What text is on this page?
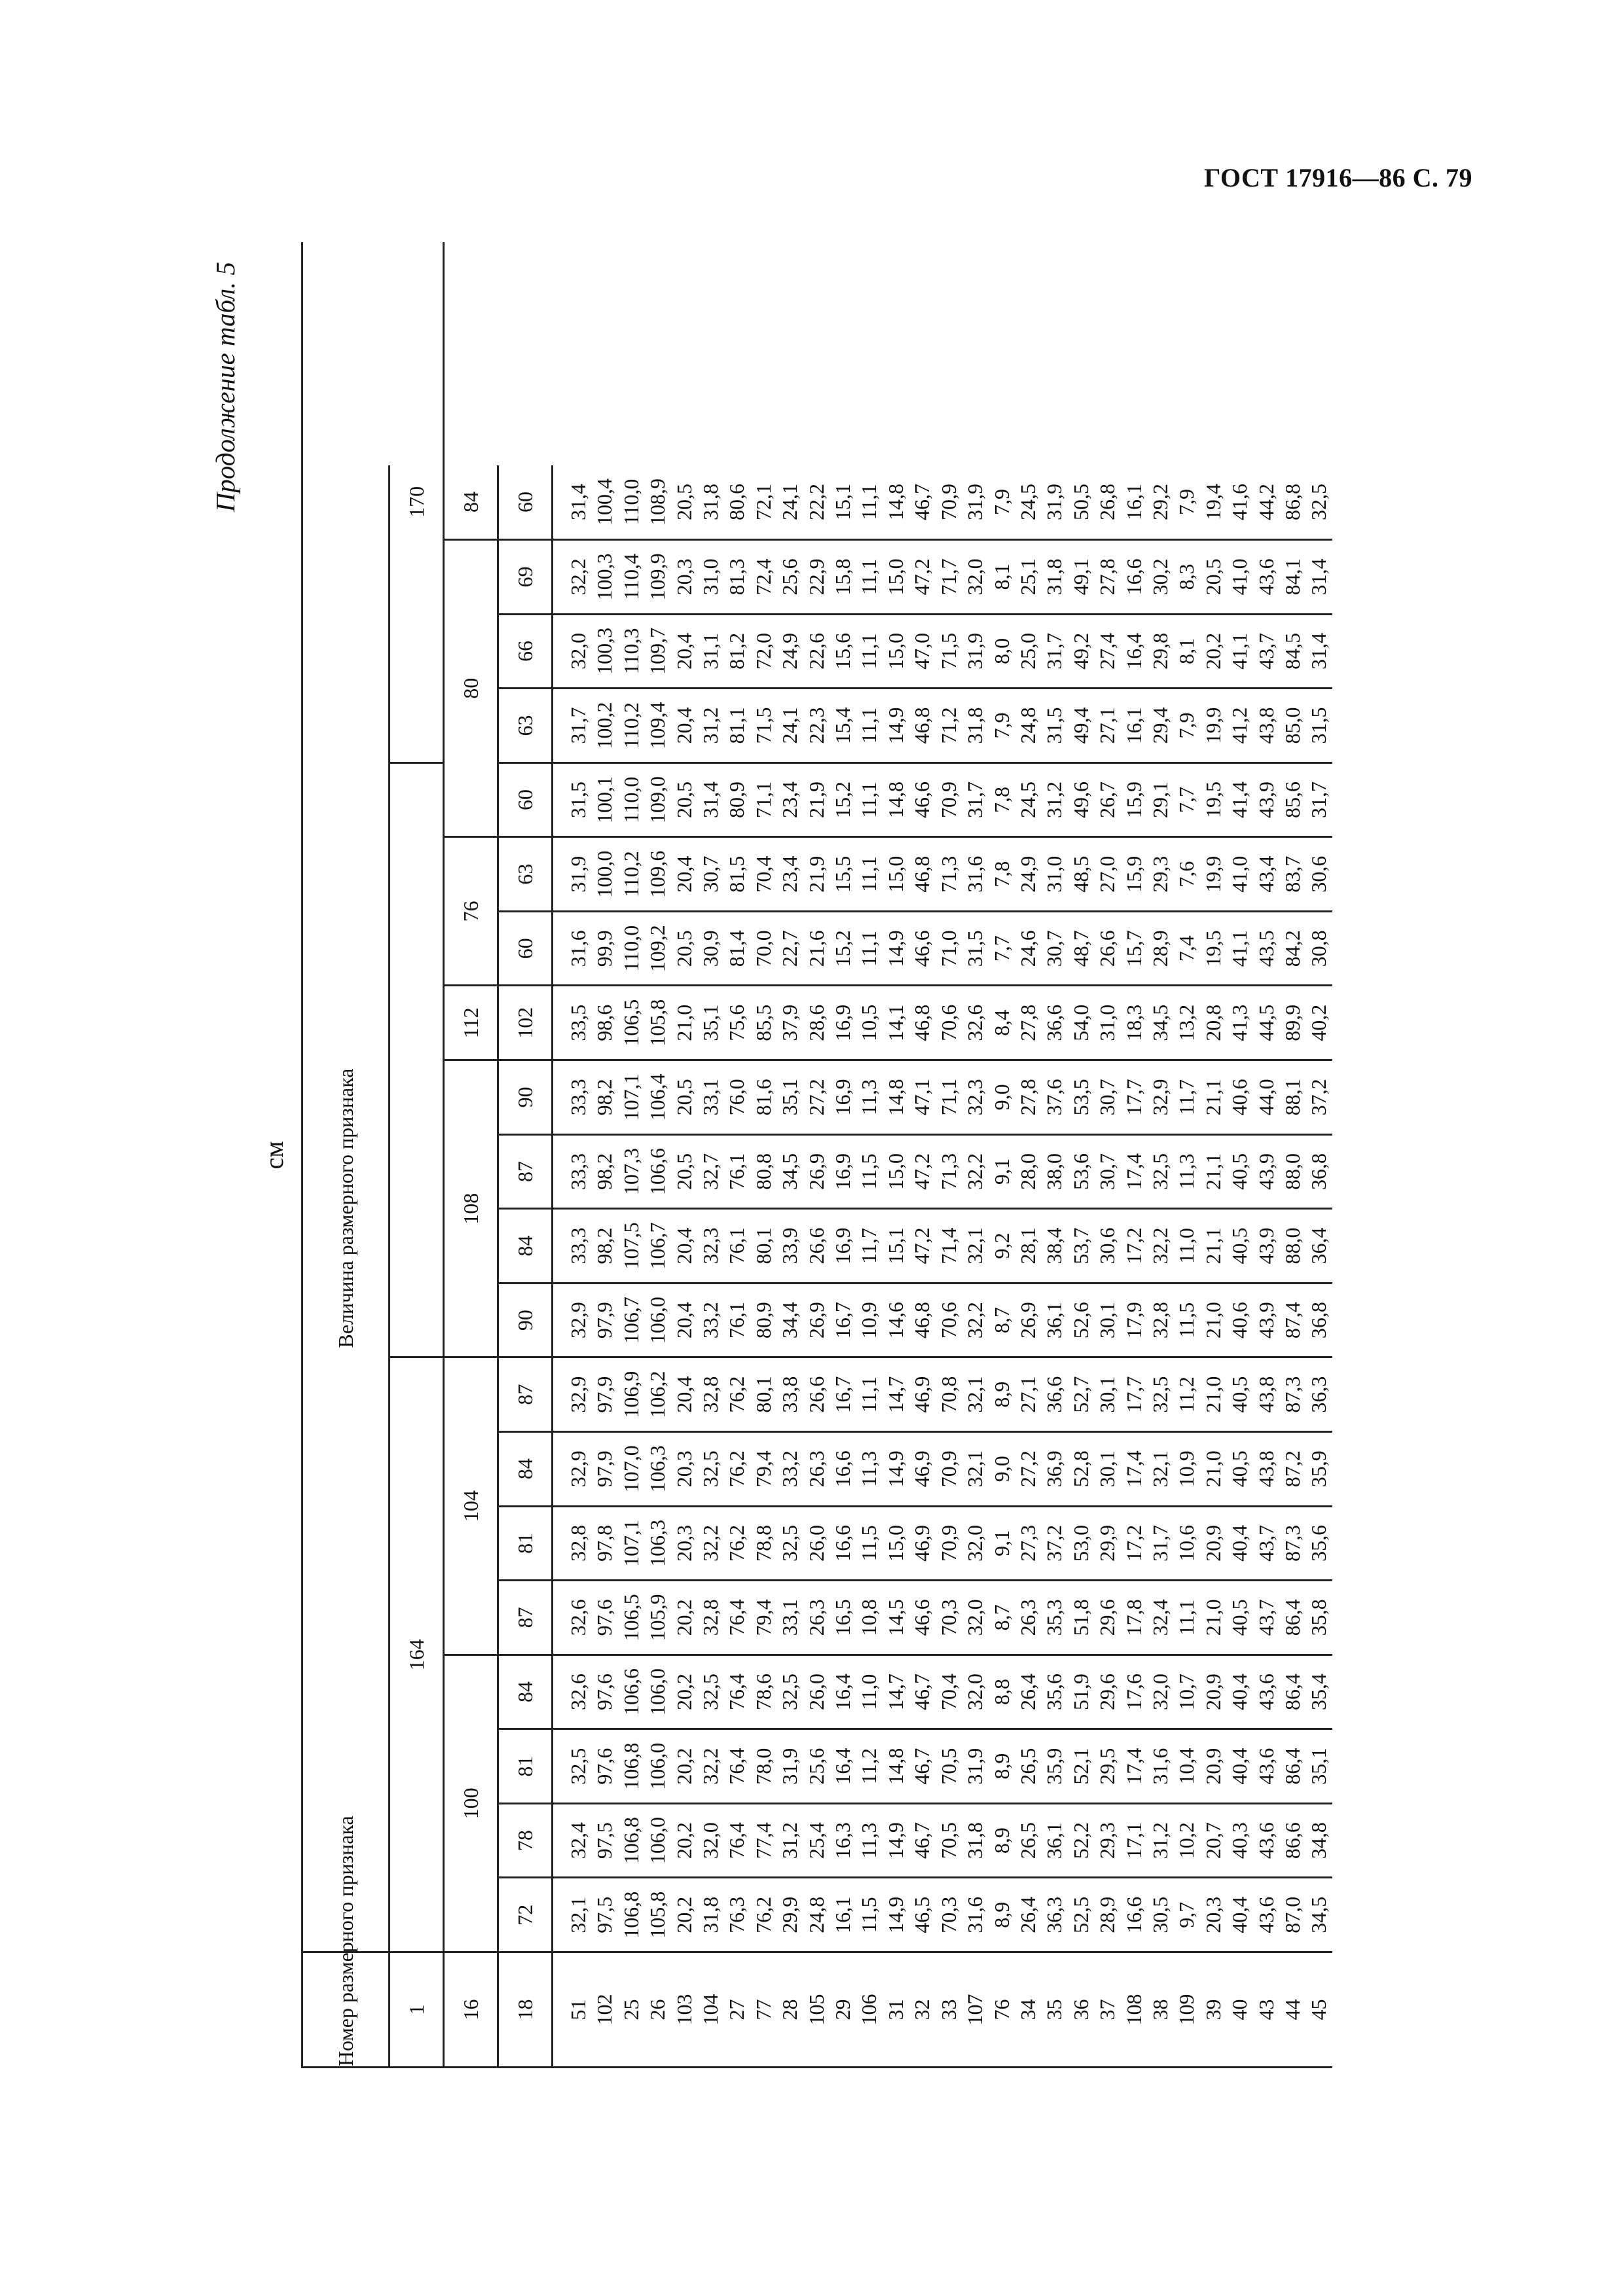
ГОСТ 17916—86 С. 79
Продолжение табл. 5
см
Номер размерного признака	Величина размерного признака																			
1	164																170			
16	100				104				108				112	76		80				84
18	72	78	81	84	87	81	84	87	90	84	87	90	102	60	63	60	63	66	69	60
51	32,1	32,4	32,5	32,6	32,6	32,8	32,9	32,9	32,9	33,3	33,3	33,3	33,5	31,6	31,9	31,5	31,7	32,0	32,2	31,4
102	97,5	97,5	97,6	97,6	97,6	97,8	97,9	97,9	97,9	98,2	98,2	98,2	98,6	99,9	100,0	100,1	100,2	100,3	100,3	100,4
25	106,8	106,8	106,8	106,6	106,5	107,1	107,0	106,9	106,7	107,5	107,3	107,1	106,5	110,0	110,2	110,0	110,2	110,3	110,4	110,0
26	105,8	106,0	106,0	106,0	105,9	106,3	106,3	106,2	106,0	106,7	106,6	106,4	105,8	109,2	109,6	109,0	109,4	109,7	109,9	108,9
103	20,2	20,2	20,2	20,2	20,2	20,3	20,3	20,4	20,4	20,4	20,5	20,5	21,0	20,5	20,4	20,5	20,4	20,4	20,3	20,5
104	31,8	32,0	32,2	32,5	32,8	32,2	32,5	32,8	33,2	32,3	32,7	33,1	35,1	30,9	30,7	31,4	31,2	31,1	31,0	31,8
27	76,3	76,4	76,4	76,4	76,4	76,2	76,2	76,2	76,1	76,1	76,1	76,0	75,6	81,4	81,5	80,9	81,1	81,2	81,3	80,6
77	76,2	77,4	78,0	78,6	79,4	78,8	79,4	80,1	80,9	80,1	80,8	81,6	85,5	70,0	70,4	71,1	71,5	72,0	72,4	72,1
28	29,9	31,2	31,9	32,5	33,1	32,5	33,2	33,8	34,4	33,9	34,5	35,1	37,9	22,7	23,4	23,4	24,1	24,9	25,6	24,1
105	24,8	25,4	25,6	26,0	26,3	26,0	26,3	26,6	26,9	26,6	26,9	27,2	28,6	21,6	21,9	21,9	22,3	22,6	22,9	22,2
29	16,1	16,3	16,4	16,4	16,5	16,6	16,6	16,7	16,7	16,9	16,9	16,9	16,9	15,2	15,5	15,2	15,4	15,6	15,8	15,1
106	11,5	11,3	11,2	11,0	10,8	11,5	11,3	11,1	10,9	11,7	11,5	11,3	10,5	11,1	11,1	11,1	11,1	11,1	11,1	11,1
31	14,9	14,9	14,8	14,7	14,5	15,0	14,9	14,7	14,6	15,1	15,0	14,8	14,1	14,9	15,0	14,8	14,9	15,0	15,0	14,8
32	46,5	46,7	46,7	46,7	46,6	46,9	46,9	46,9	46,8	47,2	47,2	47,1	46,8	46,6	46,8	46,6	46,8	47,0	47,2	46,7
33	70,3	70,5	70,5	70,4	70,3	70,9	70,9	70,8	70,6	71,4	71,3	71,1	70,6	71,0	71,3	70,9	71,2	71,5	71,7	70,9
107	31,6	31,8	31,9	32,0	32,0	32,0	32,1	32,1	32,2	32,1	32,2	32,3	32,6	31,5	31,6	31,7	31,8	31,9	32,0	31,9
76	8,9	8,9	8,9	8,8	8,7	9,1	9,0	8,9	8,7	9,2	9,1	9,0	8,4	7,7	7,8	7,8	7,9	8,0	8,1	7,9
34	26,4	26,5	26,5	26,4	26,3	27,3	27,2	27,1	26,9	28,1	28,0	27,8	27,8	24,6	24,9	24,5	24,8	25,0	25,1	24,5
35	36,3	36,1	35,9	35,6	35,3	37,2	36,9	36,6	36,1	38,4	38,0	37,6	36,6	30,7	31,0	31,2	31,5	31,7	31,8	31,9
36	52,5	52,2	52,1	51,9	51,8	53,0	52,8	52,7	52,6	53,7	53,6	53,5	54,0	48,7	48,5	49,6	49,4	49,2	49,1	50,5
37	28,9	29,3	29,5	29,6	29,6	29,9	30,1	30,1	30,1	30,6	30,7	30,7	31,0	26,6	27,0	26,7	27,1	27,4	27,8	26,8
108	16,6	17,1	17,4	17,6	17,8	17,2	17,4	17,7	17,9	17,2	17,4	17,7	18,3	15,7	15,9	15,9	16,1	16,4	16,6	16,1
38	30,5	31,2	31,6	32,0	32,4	31,7	32,1	32,5	32,8	32,2	32,5	32,9	34,5	28,9	29,3	29,1	29,4	29,8	30,2	29,2
109	9,7	10,2	10,4	10,7	11,1	10,6	10,9	11,2	11,5	11,0	11,3	11,7	13,2	7,4	7,6	7,7	7,9	8,1	8,3	7,9
39	20,3	20,7	20,9	20,9	21,0	20,9	21,0	21,0	21,0	21,1	21,1	21,1	20,8	19,5	19,9	19,5	19,9	20,2	20,5	19,4
40	40,4	40,3	40,4	40,4	40,5	40,4	40,5	40,5	40,6	40,5	40,5	40,6	41,3	41,1	41,0	41,4	41,2	41,1	41,0	41,6
43	43,6	43,6	43,6	43,6	43,7	43,7	43,8	43,8	43,9	43,9	43,9	44,0	44,5	43,5	43,4	43,9	43,8	43,7	43,6	44,2
44	87,0	86,6	86,4	86,4	86,4	87,3	87,2	87,3	87,4	88,0	88,0	88,1	89,9	84,2	83,7	85,6	85,0	84,5	84,1	86,8
45	34,5	34,8	35,1	35,4	35,8	35,6	35,9	36,3	36,8	36,4	36,8	37,2	40,2	30,8	30,6	31,7	31,5	31,4	31,4	32,5
